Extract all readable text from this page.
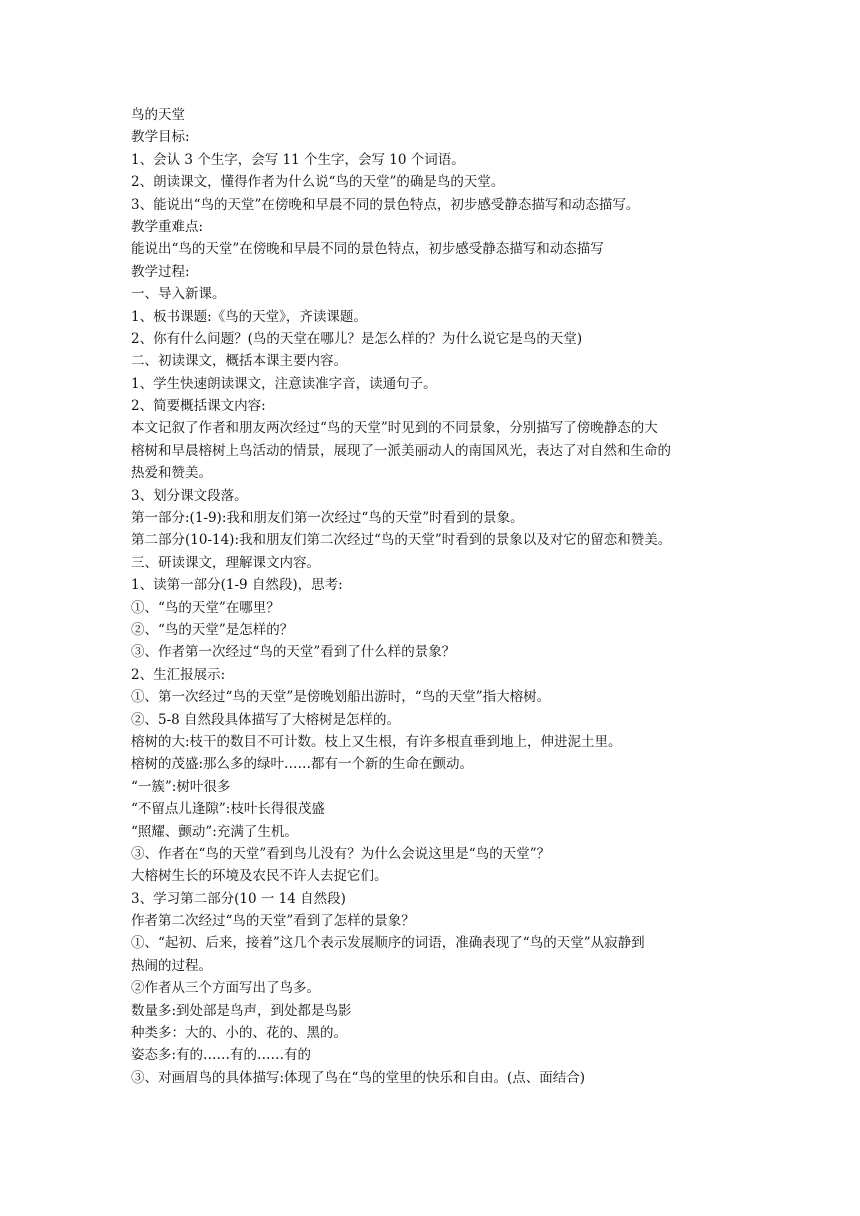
鸟的天堂

教学目标:

1、会认 3 个生字，会写 11 个生字，会写 10 个词语。

2、朗读课文，懂得作者为什么说“鸟的天堂”的确是鸟的天堂。

3、能说出“鸟的天堂”在傍晚和早晨不同的景色特点，初步感受静态描写和动态描写。

教学重难点:

能说出“鸟的天堂”在傍晚和早晨不同的景色特点，初步感受静态描写和动态描写

教学过程:

一、导入新课。

1、板书课题:《鸟的天堂》，齐读课题。

2、你有什么问题？(鸟的天堂在哪儿？是怎么样的？为什么说它是鸟的天堂)

二、初读课文，概括本课主要内容。

1、学生快速朗读课文，注意读准字音，读通句子。

2、简要概括课文内容:

本文记叙了作者和朋友两次经过“鸟的天堂”时见到的不同景象，分别描写了傍晚静态的大

榕树和早晨榕树上鸟活动的情景，展现了一派美丽动人的南国风光，表达了对自然和生命的

热爱和赞美。

3、划分课文段落。

第一部分:(1-9):我和朋友们第一次经过“鸟的天堂”时看到的景象。

第二部分(10-14):我和朋友们第二次经过“鸟的天堂”时看到的景象以及对它的留恋和赞美。

三、研读课文，理解课文内容。

1、读第一部分(1-9 自然段)，思考:

①、“鸟的天堂”在哪里？

②、“鸟的天堂”是怎样的？

③、作者第一次经过“鸟的天堂”看到了什么样的景象？

2、生汇报展示:

①、第一次经过“鸟的天堂”是傍晚划船出游时，“鸟的天堂”指大榕树。

②、5-8 自然段具体描写了大榕树是怎样的。

榕树的大:枝干的数目不可计数。枝上又生根，有许多根直垂到地上，伸进泥土里。

榕树的茂盛:那么多的绿叶……都有一个新的生命在颤动。

“一簇”:树叶很多

“不留点儿逢隙”:枝叶长得很茂盛

“照耀、颤动”:充满了生机。

③、作者在“鸟的天堂”看到鸟儿没有？为什么会说这里是“鸟的天堂”？

大榕树生长的环境及农民不许人去捉它们。

3、学习第二部分(10 一 14 自然段)

作者第二次经过“鸟的天堂”看到了怎样的景象？

①、“起初、后来，接着”这几个表示发展顺序的词语，准确表现了“鸟的天堂”从寂静到

热闹的过程。

②作者从三个方面写出了鸟多。

数量多:到处部是鸟声，到处都是鸟影

种类多：大的、小的、花的、黑的。

姿态多:有的……有的……有的

③、对画眉鸟的具体描写:体现了鸟在“鸟的堂里的快乐和自由。(点、面结合)
